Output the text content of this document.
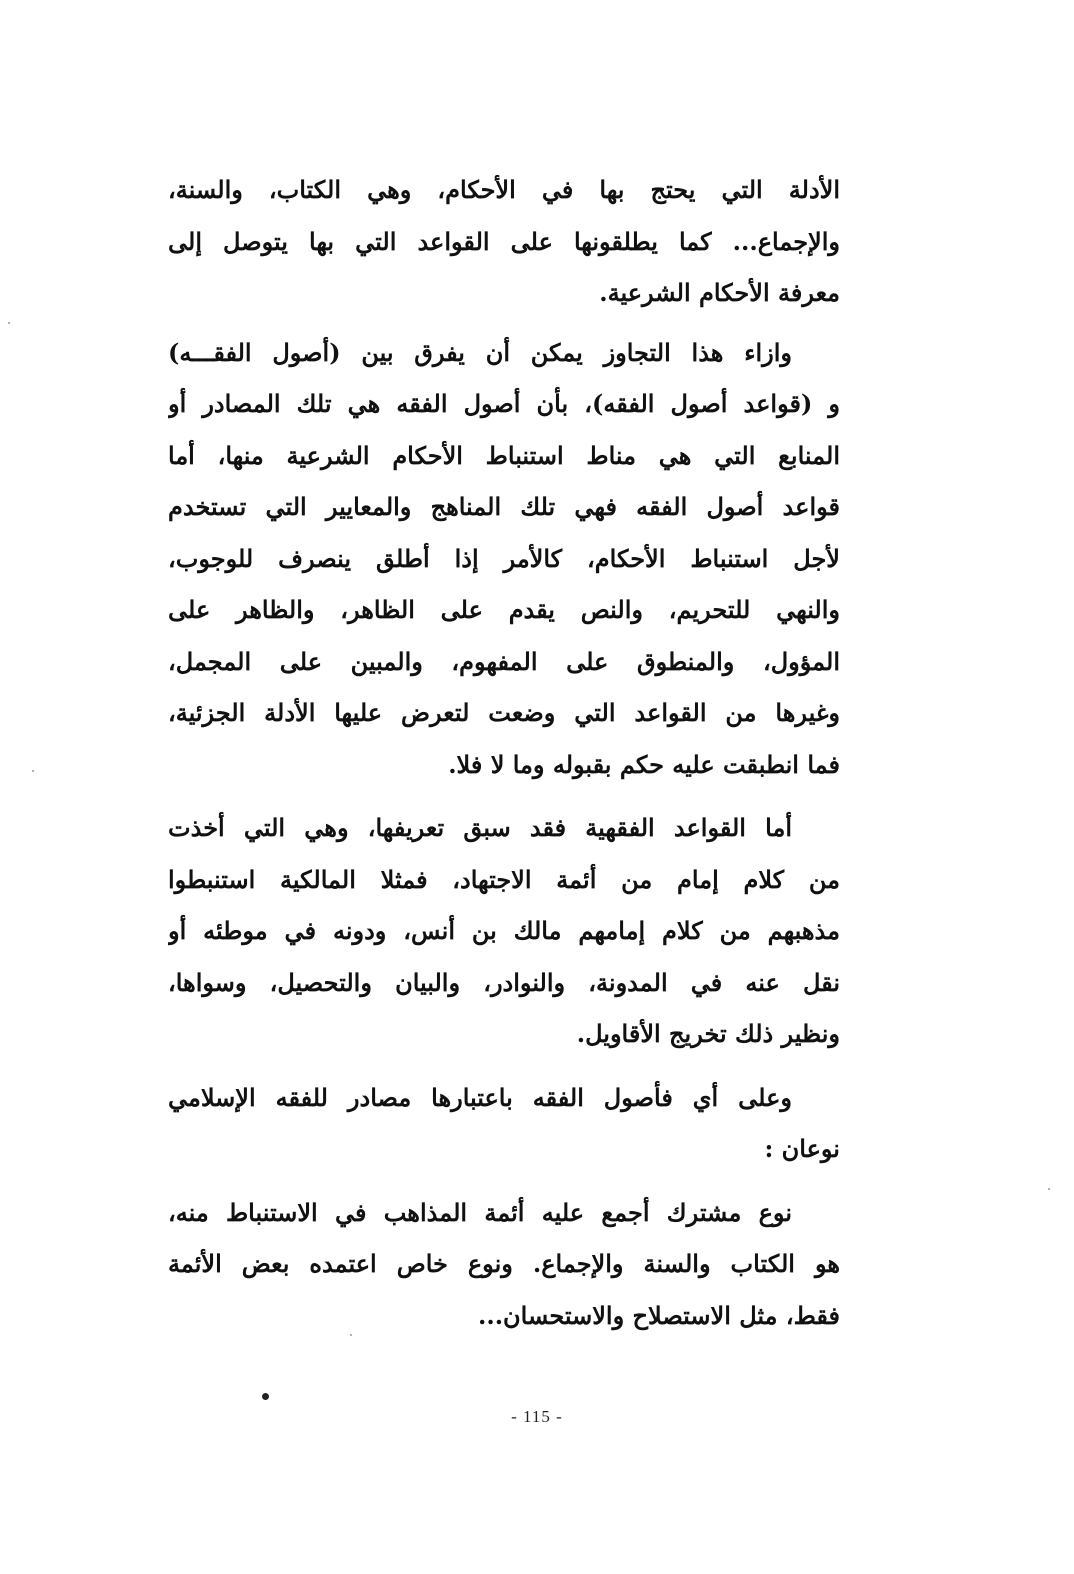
الأدلة التي يحتج بها في الأحكام، وهي الكتاب، والسنة،
والإجماع... كما يطلقونها على القواعد التي بها يتوصل إلى
معرفة الأحكام الشرعية.

وازاء هذا التجاوز يمكن أن يفرق بين (أصول الفقـــه)
و (قواعد أصول الفقه)، بأن أصول الفقه هي تلك المصادر أو
المنابع التي هي مناط استنباط الأحكام الشرعية منها، أما
قواعد أصول الفقه فهي تلك المناهج والمعايير التي تستخدم
لأجل استنباط الأحكام، كالأمر إذا أطلق ينصرف للوجوب،
والنهي للتحريم، والنص يقدم على الظاهر، والظاهر على
المؤول، والمنطوق على المفهوم، والمبين على المجمل،
وغيرها من القواعد التي وضعت لتعرض عليها الأدلة الجزئية،
فما انطبقت عليه حكم بقبوله وما لا فلا.

أما القواعد الفقهية فقد سبق تعريفها، وهي التي أخذت
من كلام إمام من أئمة الاجتهاد، فمثلا المالكية استنبطوا
مذهبهم من كلام إمامهم مالك بن أنس، ودونه في موطئه أو
نقل عنه في المدونة، والنوادر، والبيان والتحصيل، وسواها،
ونظير ذلك تخريج الأقاويل.

وعلى أي فأصول الفقه باعتبارها مصادر للفقه الإسلامي
نوعان :

نوع مشترك أجمع عليه أئمة المذاهب في الاستنباط منه،
هو الكتاب والسنة والإجماع. ونوع خاص اعتمده بعض الأئمة
فقط، مثل الاستصلاح والاستحسان...

- 115 -
